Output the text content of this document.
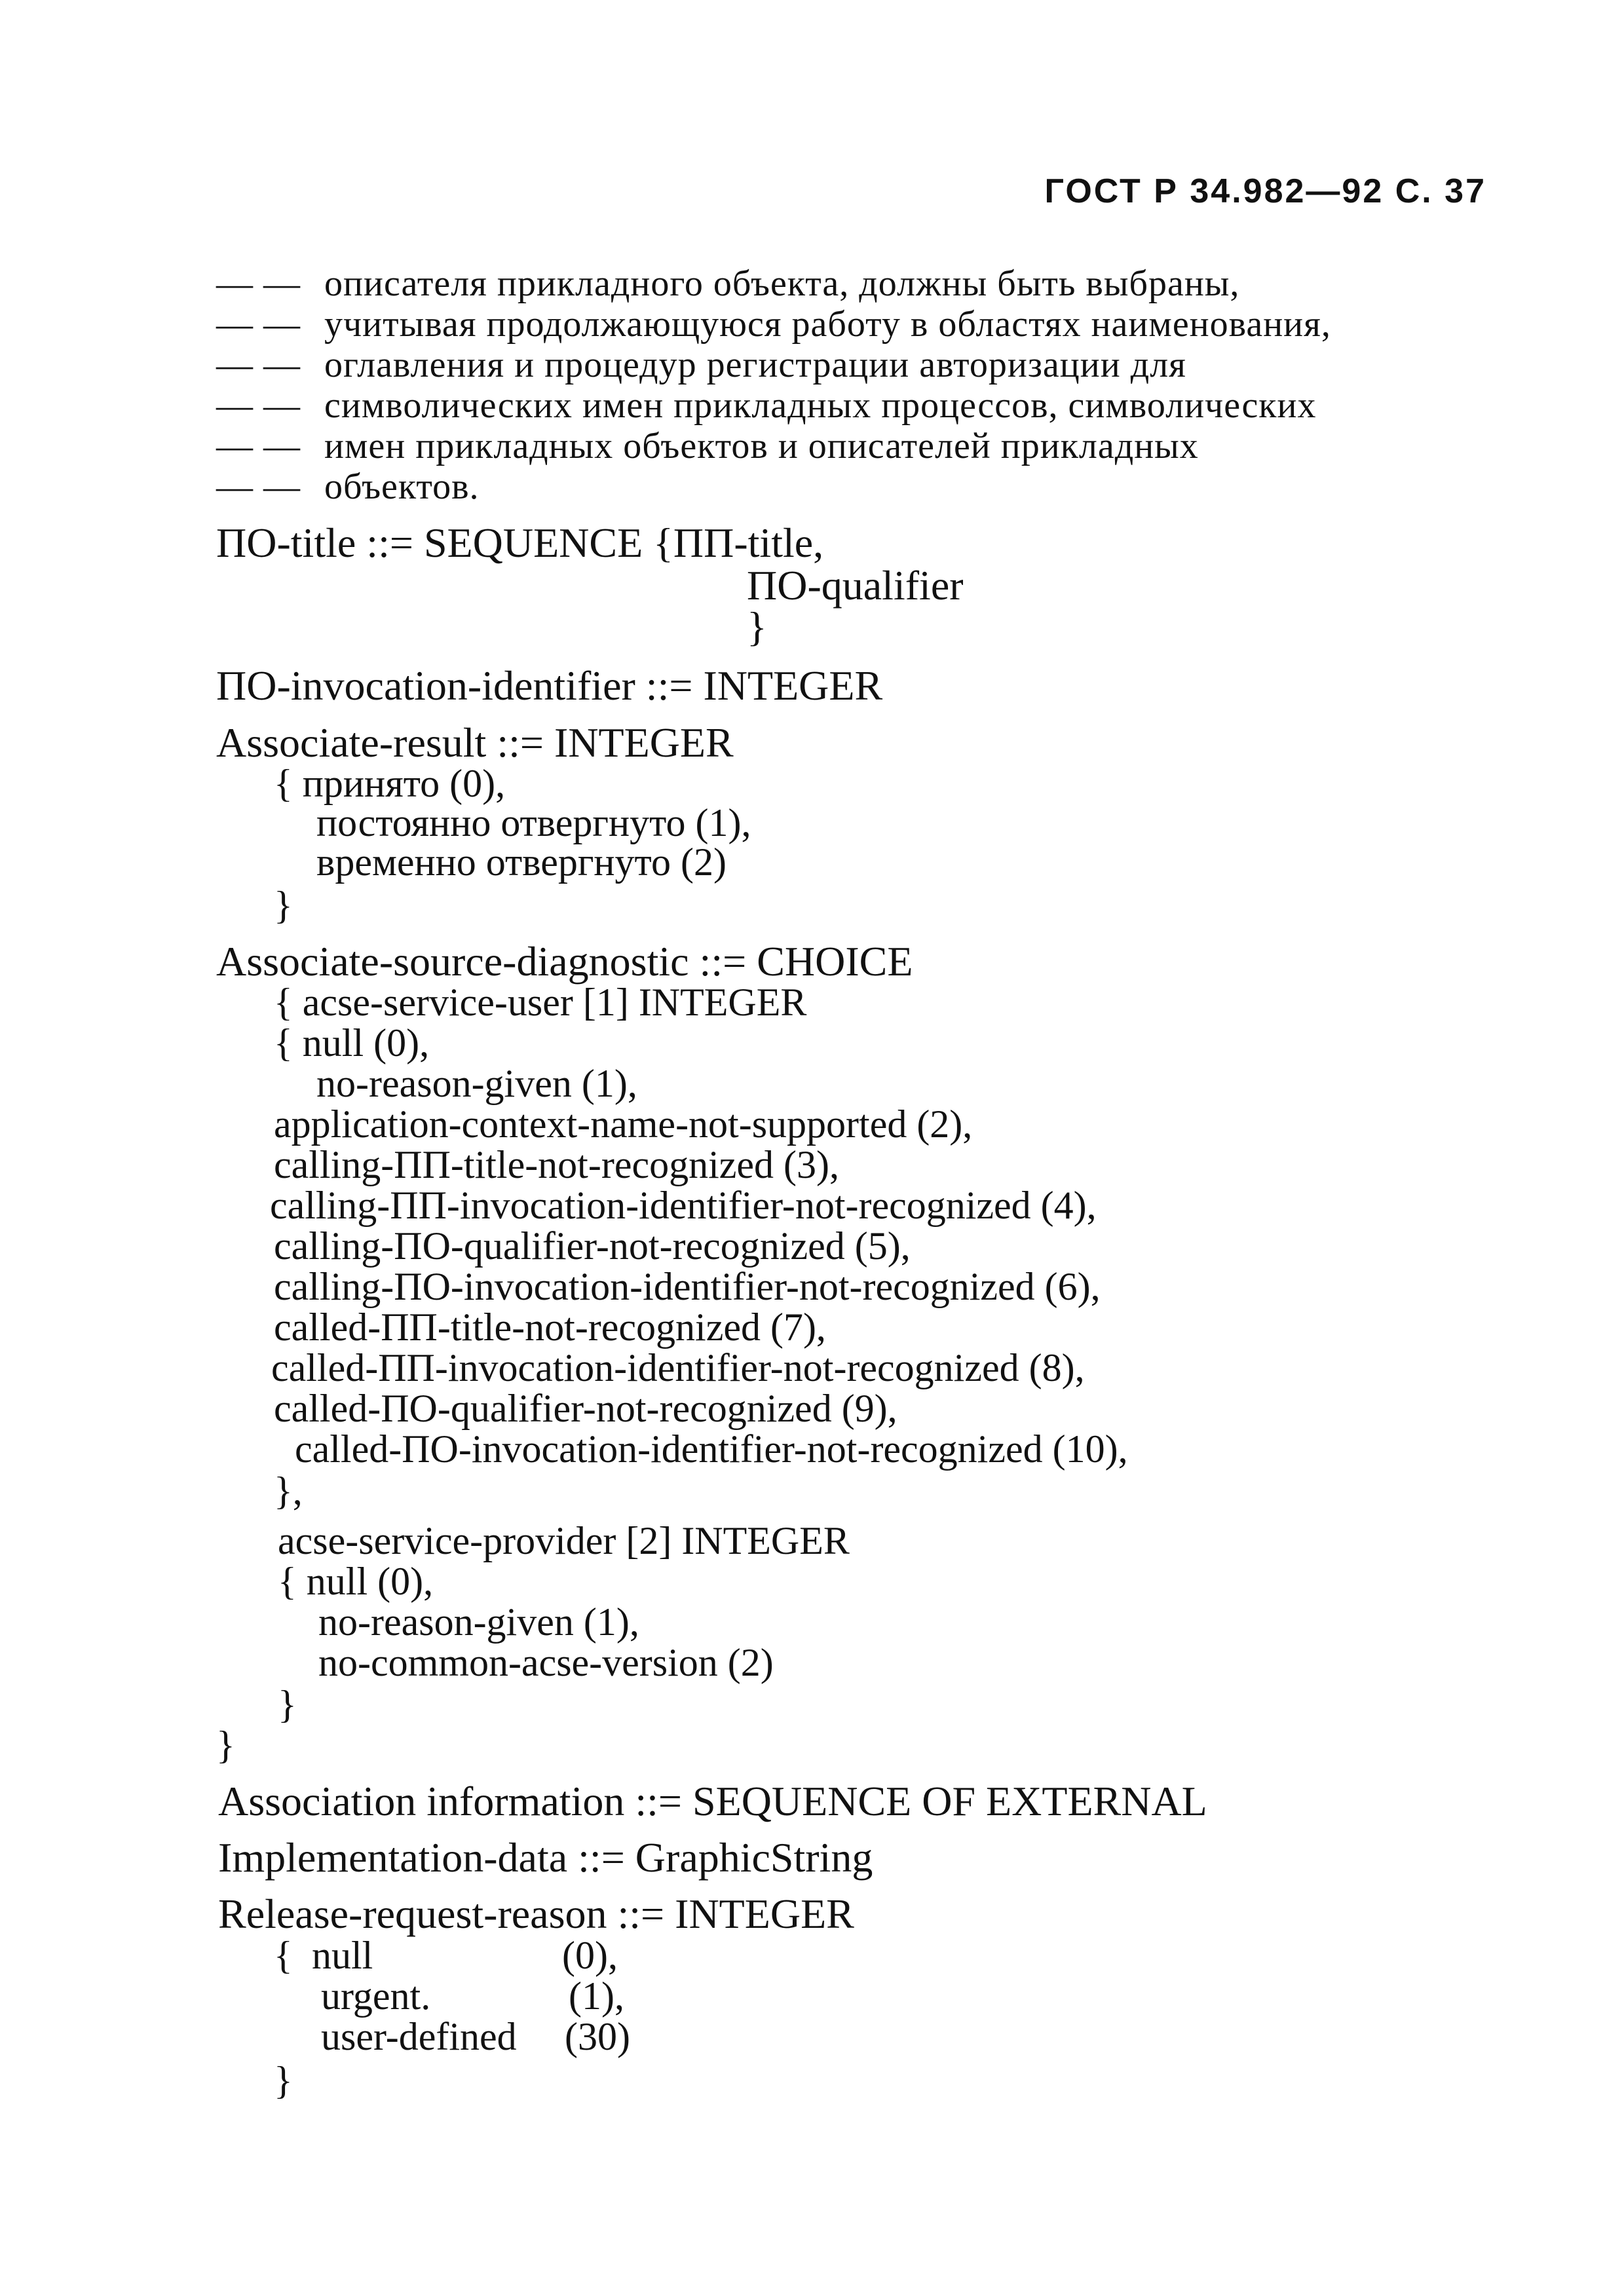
ГОСТ Р 34.982—92 С. 37
— — описателя прикладного объекта, должны быть выбраны,
— — учитывая продолжающуюся работу в областях наименования,
— — оглавления и процедур регистрации авторизации для
— — символических имен прикладных процессов, символических
— — имен прикладных объектов и описателей прикладных
— — объектов.
ПО-title ::= SEQUENCE {ПП-title,
ПО-qualifier
}
ПО-invocation-identifier ::= INTEGER
Associate-result ::= INTEGER
{ принято (0),
постоянно отвергнуто (1),
временно отвергнуто (2)
}
Associate-source-diagnostic ::= CHOICE
{ acse-service-user [1] INTEGER
{ null (0),
no-reason-given (1),
application-context-name-not-supported (2),
calling-ПП-title-not-recognized (3),
calling-ПП-invocation-identifier-not-recognized (4),
calling-ПО-qualifier-not-recognized (5),
calling-ПО-invocation-identifier-not-recognized (6),
called-ПП-title-not-recognized (7),
called-ПП-invocation-identifier-not-recognized (8),
called-ПО-qualifier-not-recognized (9),
called-ПО-invocation-identifier-not-recognized (10),
},
acse-service-provider [2] INTEGER
{ null (0),
no-reason-given (1),
no-common-acse-version (2)
}
}
Association information ::= SEQUENCE OF EXTERNAL
Implementation-data ::= GraphicString
Release-request-reason ::= INTEGER
{ null	(0),
urgent.	(1),
user-defined (30)
}
